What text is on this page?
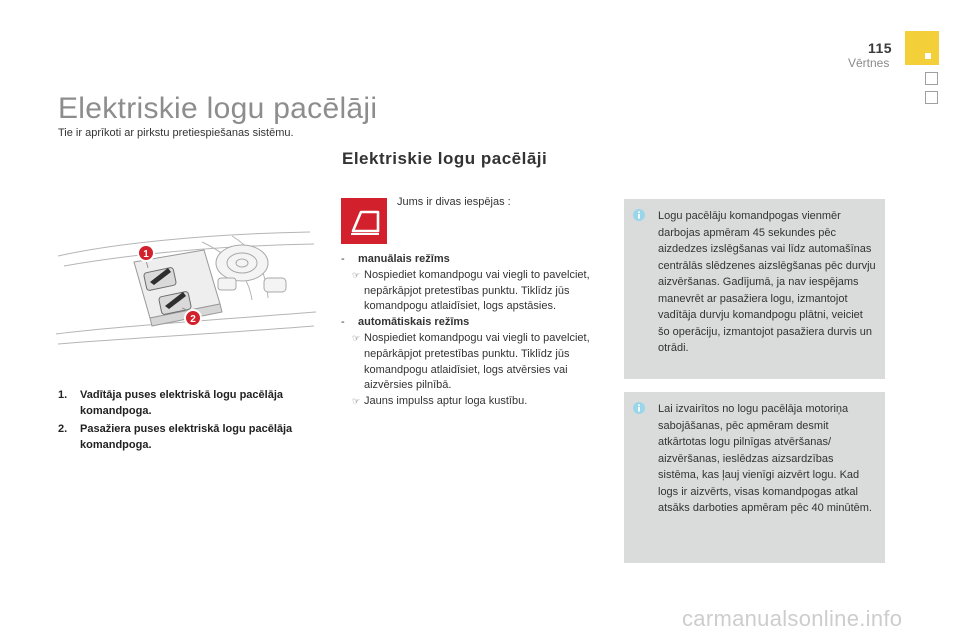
115
Vērtnes
Elektriskie logu pacēlāji
Tie ir aprīkoti ar pirkstu pretiespiešanas sistēmu.
Elektriskie logu pacēlāji
1
2
1.	Vadītāja puses elektriskā logu pacēlāja komandpoga.
2.	Pasažiera puses elektriskā logu pacēlāja komandpoga.
Jums ir divas iespējas :
-	manuālais režīms
☞ Nospiediet komandpogu vai viegli to pavelciet, nepārkāpjot pretestības punktu. Tiklīdz jūs komandpogu atlaidīsiet, logs apstāsies.
-	automātiskais režīms
☞ Nospiediet komandpogu vai viegli to pavelciet, nepārkāpjot pretestības punktu. Tiklīdz jūs komandpogu atlaidīsiet, logs atvērsies vai aizvērsies pilnībā.
☞ Jauns impulss aptur loga kustību.
Logu pacēlāju komandpogas vienmēr darbojas apmēram 45 sekundes pēc aizdedzes izslēgšanas vai līdz automašīnas centrālās slēdzenes aizslēgšanas pēc durvju aizvēršanas. Gadījumā, ja nav iespējams manevrēt ar pasažiera logu, izmantojot vadītāja durvju komandpogu plātni, veiciet šo operāciju, izmantojot pasažiera durvis un otrādi.
Lai izvairītos no logu pacēlāja motoriņa sabojāšanas, pēc apmēram desmit atkārtotas logu pilnīgas atvēršanas/ aizvēršanas, ieslēdzas aizsardzības sistēma, kas ļauj vienīgi aizvērt logu. Kad logs ir aizvērts, visas komandpogas atkal atsāks darboties apmēram pēc 40 minūtēm.
carmanualsonline.info
